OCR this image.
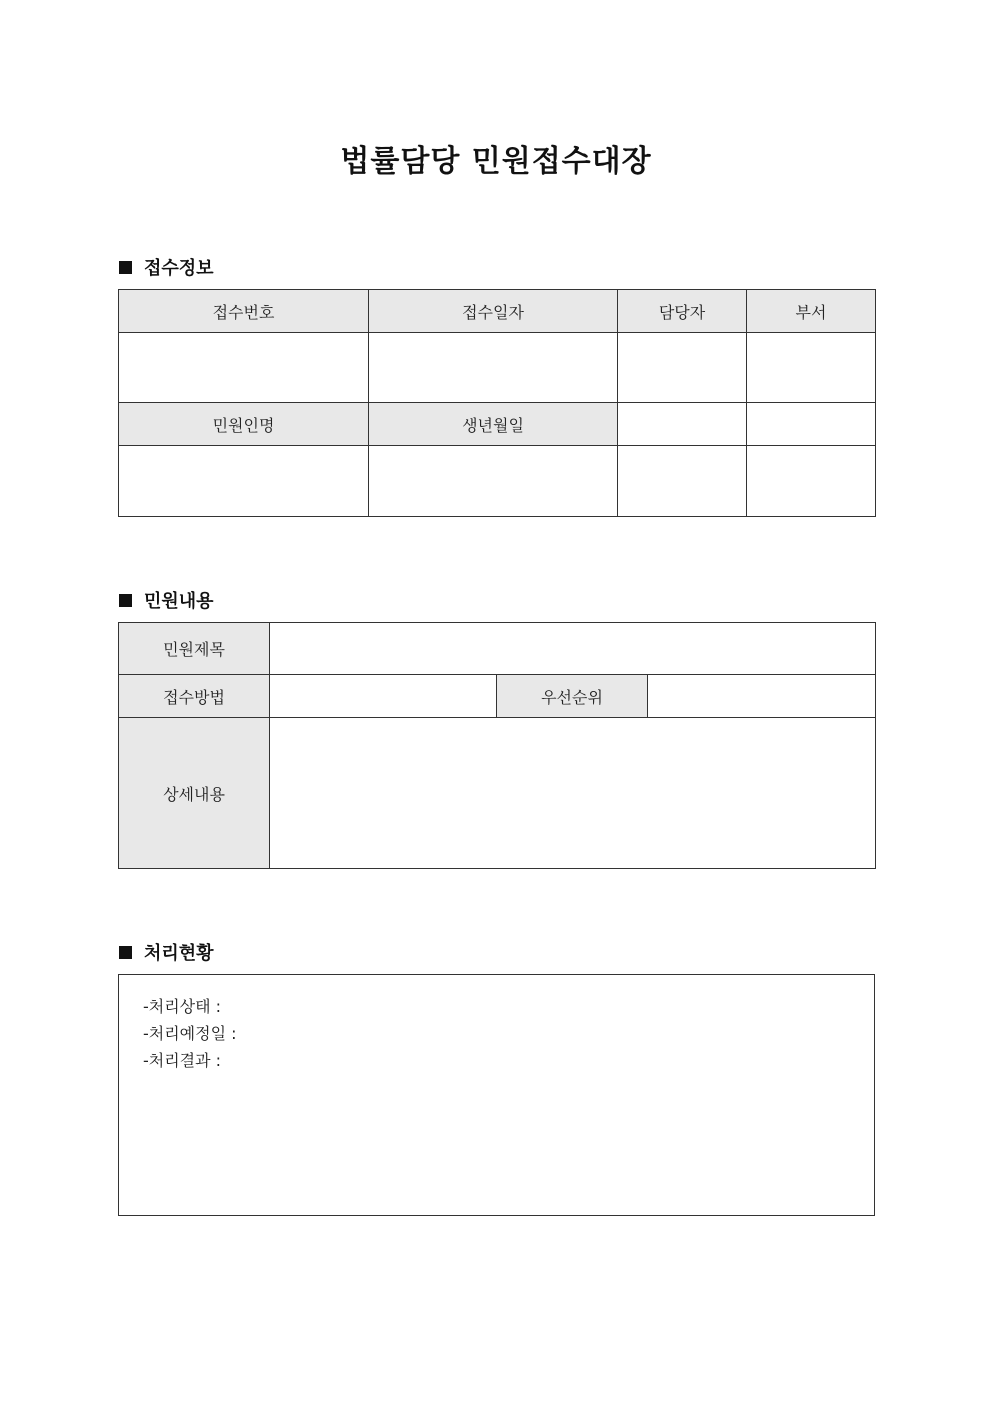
법률담당 민원접수대장
접수정보
접수번호	접수일자	담당자	부서

민원인명	생년월일		

민원내용
민원제목			
접수방법		우선순위	
상세내용			
처리현황
-처리상태 :
-처리예정일 :
-처리결과 :
